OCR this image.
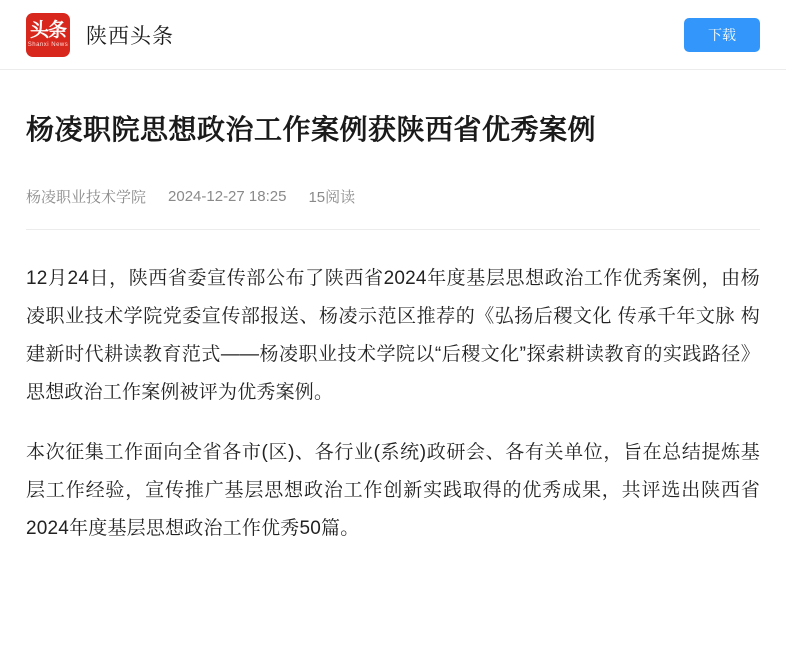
头条
Shanxi News 陕西头条	下载
杨凌职院思想政治工作案例获陕西省优秀案例
杨凌职业技术学院 2024-12-27 18:25 15阅读

12月24日，陕西省委宣传部公布了陕西省2024年度基层思想政治工作优秀案例，由杨凌职业技术学院党委宣传部报送、杨凌示范区推荐的《弘扬后稷文化 传承千年文脉 构建新时代耕读教育范式——杨凌职业技术学院以“后稷文化”探索耕读教育的实践路径》思想政治工作案例被评为优秀案例。

本次征集工作面向全省各市(区)、各行业(系统)政研会、各有关单位，旨在总结提炼基层工作经验，宣传推广基层思想政治工作创新实践取得的优秀成果，共评选出陕西省2024年度基层思想政治工作优秀50篇。
